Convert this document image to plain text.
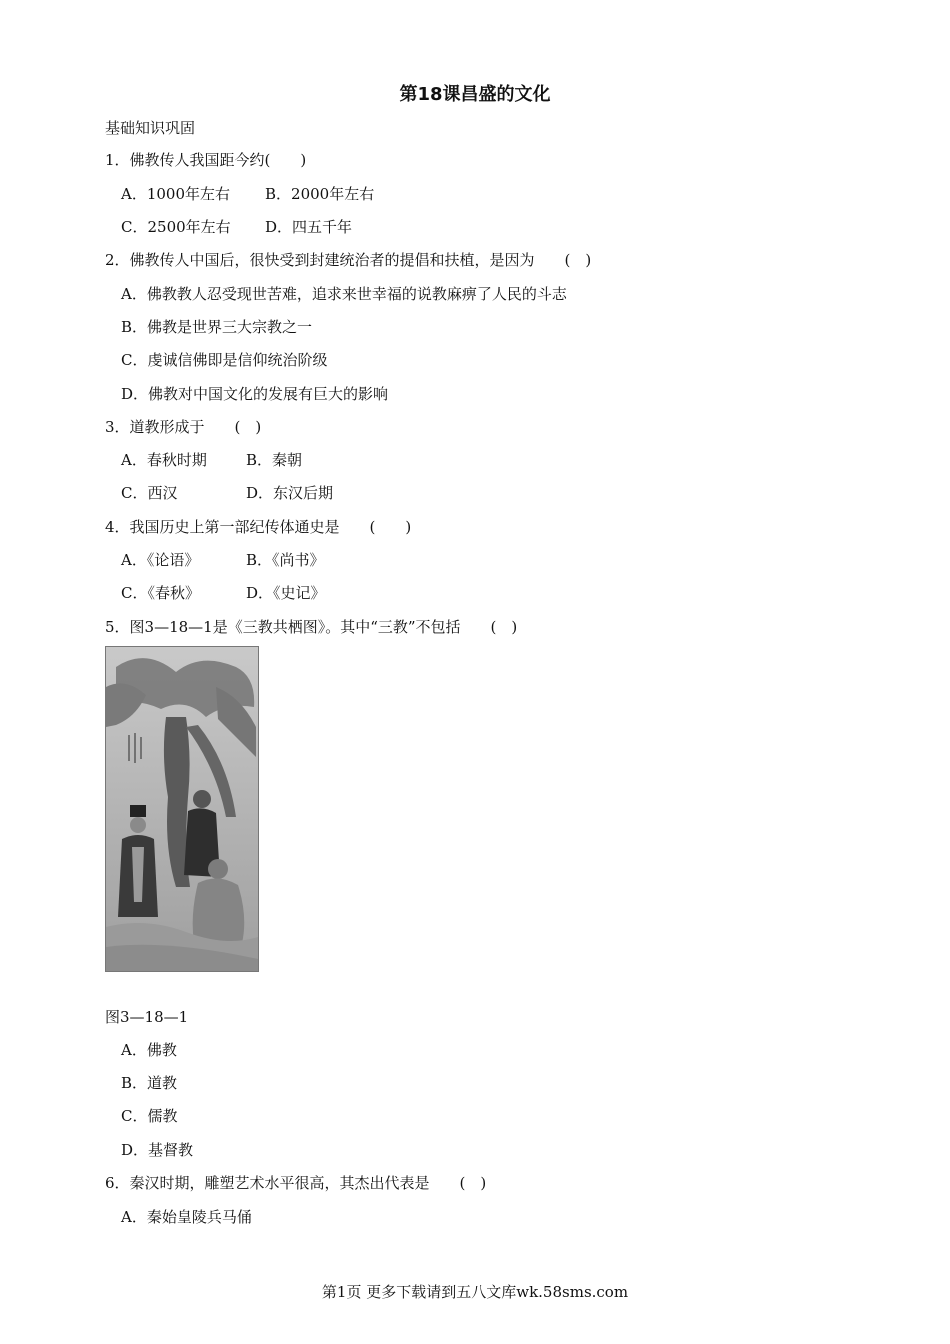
第18课昌盛的文化
基础知识巩固
1．佛教传人我国距今约(　　)
A．1000年左右 B．2000年左右
C．2500年左右 D．四五千年
2．佛教传人中国后，很快受到封建统治者的提倡和扶植，是因为　　(　)
A．佛教教人忍受现世苦难，追求来世幸福的说教麻痹了人民的斗志
B．佛教是世界三大宗教之一
C．虔诚信佛即是信仰统治阶级
D．佛教对中国文化的发展有巨大的影响
3．道教形成于　　(　)
A．春秋时期	B．秦朝
C．西汉	D．东汉后期
4．我国历史上第一部纪传体通史是　　(　　)
A．《论语》	B．《尚书》
C．《春秋》	D．《史记》
5．图3—18—1是《三教共栖图》。其中“三教”不包括　　(　)
图3—18—1
A．佛教
B．道教
C．儒教
D．基督教
6．秦汉时期，雕塑艺术水平很高，其杰出代表是　　(　)
A．秦始皇陵兵马俑
第1页 更多下载请到五八文库wk.58sms.com
